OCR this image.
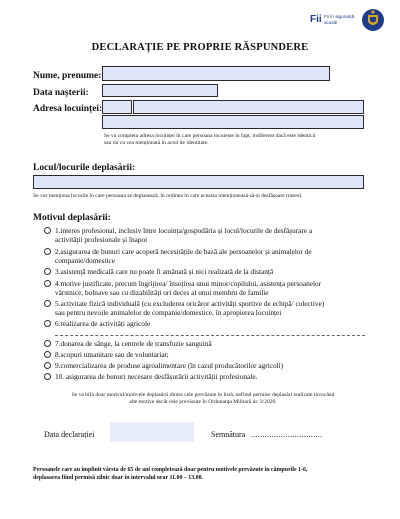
Fii Fii în siguranță
acasă!
DECLARAȚIE PE PROPRIE RĂSPUNDERE
Nume, prenume:
Data nașterii:
Adresa locuinței:
Se va completa adresa locuinței în care persoana locuiește în fapt, indiferent dacă este identică
sau nu cu cea menționată în actul de identitate.
Locul/locurile deplasării:
Se vor menționa locurile în care persoana se deplasează, în ordinea în care aceasta intenționează să-și desfășoare traseul.
Motivul deplasării:
1.interes profesional, inclusiv între locuința/gospodăria și locul/locurile de desfășurare a
activității profesionale și înapoi
2.asigurarea de bunuri care acoperă necesitățile de bază ale persoanelor și animalelor de
companie/domestice
3.asistență medicală care nu poate fi amânată și nici realizată de la distanță
4.motive justificate, precum îngrijirea/ însoțirea unui minor/copilului, asistența persoanelor
vârstnice, bolnave sau cu dizabilități ori deces al unui membru de familie
5.activitate fizică individuală (cu excluderea oricăror activități sportive de echipă/ colective)
sau pentru nevoile animalelor de companie/domestice, în apropierea locuinței
6.realizarea de activități agricole
7.donarea de sânge, la centrele de transfuzie sanguină
8.scopuri umanitare sau de voluntariat;
9.comercializarea de produse agroalimentare (în cazul producătorilor agricoli)
10. asigurarea de bunuri necesare desfășurării activității profesionale.
Se va bifa doar motivul/motivele deplasării dintre cele prevăzute în listă, nefiind permise deplasări realizate invocând
alte motive decât cele prevăzute în Ordonanța Militară nr. 3/2020.
Data declarației	Semnătura ...............................
Persoanele care au împlinit vârsta de 65 de ani completează doar pentru motivele prevăzute în câmpurile 1-6,
deplasarea fiind permisă zilnic doar în intervalul orar 11.00 – 13.00.
